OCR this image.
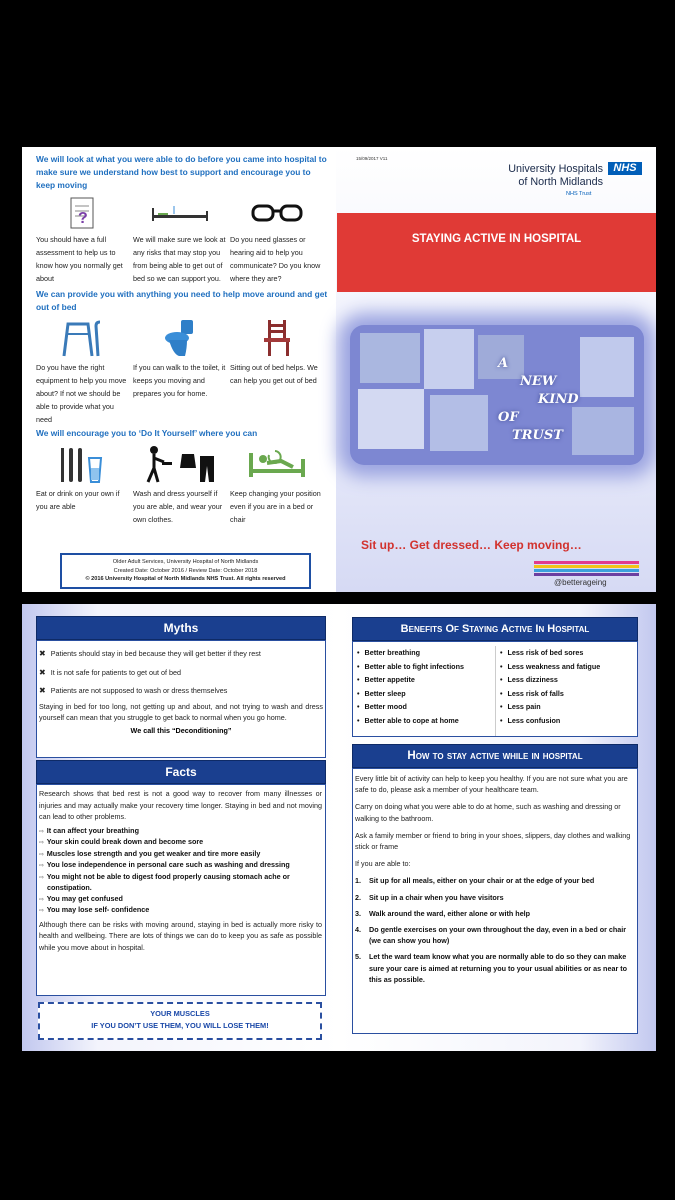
We will look at what you were able to do before you came into hospital to make sure we understand how best to support and encourage you to keep moving
?
You should have a full assessment to help us to know how you normally get about
We will make sure we look at any risks that may stop you from being able to get out of bed so we can support you.
Do you need glasses or hearing aid to help you communicate? Do you know where they are?
We can provide you with anything you need to help move around and get out of bed
Do you have the right equipment to help you move about? If not we should be able to provide what you need
If you can walk to the toilet, it keeps you moving and prepares you for home.
Sitting out of bed helps. We can help you get out of bed
We will encourage you to ‘Do It Yourself’ where you can
Eat or drink on your own if you are able
Wash and dress yourself if you are able, and wear your own clothes.
Keep changing your position even if you are in a bed or chair
Older Adult Services, University Hospital of North Midlands
Created Date: October 2016 / Review Date: October 2018
© 2016 University Hospital of North Midlands NHS Trust. All rights reserved
15/09/2017 V11
University Hospitals
of North Midlands
NHS
NHS Trust
STAYING ACTIVE IN HOSPITAL
A
NEW
KIND
OF
TRUST
Sit up… Get dressed… Keep moving…
@betterageing
Myths
✖ Patients should stay in bed because they will get better if they rest
✖ It is not safe for patients to get out of bed
✖ Patients are not supposed to wash or dress themselves
Staying in bed for too long, not getting up and about, and not trying to wash and dress yourself can mean that you struggle to get back to normal when you go home.
We call this “Deconditioning”
Facts
Research shows that bed rest is not a good way to recover from many illnesses or injuries and may actually make your recovery time longer. Staying in bed and not moving can lead to other problems.
⇨ It can affect your breathing
⇨ Your skin could break down and become sore
⇨ Muscles lose strength and you get weaker and tire more easily
⇨ You lose independence in personal care such as washing and dressing
⇨ You might not be able to digest food properly causing stomach ache or constipation.
⇨ You may get confused
⇨ You may lose self- confidence
Although there can be risks with moving around, staying in bed is actually more risky to health and wellbeing. There are lots of things we can do to keep you as safe as possible while you move about in hospital.
YOUR MUSCLES
IF YOU DON’T USE THEM, YOU WILL LOSE THEM!
Benefits Of Staying Active In Hospital
• Better breathing
• Better able to fight infections
• Better appetite
• Better sleep
• Better mood
• Better able to cope at home
• Less risk of bed sores
• Less weakness and fatigue
• Less dizziness
• Less risk of falls
• Less pain
• Less confusion
How to stay active while in hospital
Every little bit of activity can help to keep you healthy. If you are not sure what you are safe to do, please ask a member of your healthcare team.
Carry on doing what you were able to do at home, such as washing and dressing or walking to the bathroom.
Ask a family member or friend to bring in your shoes, slippers, day clothes and walking stick or frame
If you are able to:
1. Sit up for all meals, either on your chair or at the edge of your bed
2. Sit up in a chair when you have visitors
3. Walk around the ward, either alone or with help
4. Do gentle exercises on your own throughout the day, even in a bed or chair (we can show you how)
5. Let the ward team know what you are normally able to do so they can make sure your care is aimed at returning you to your usual abilities or as near to this as possible.
